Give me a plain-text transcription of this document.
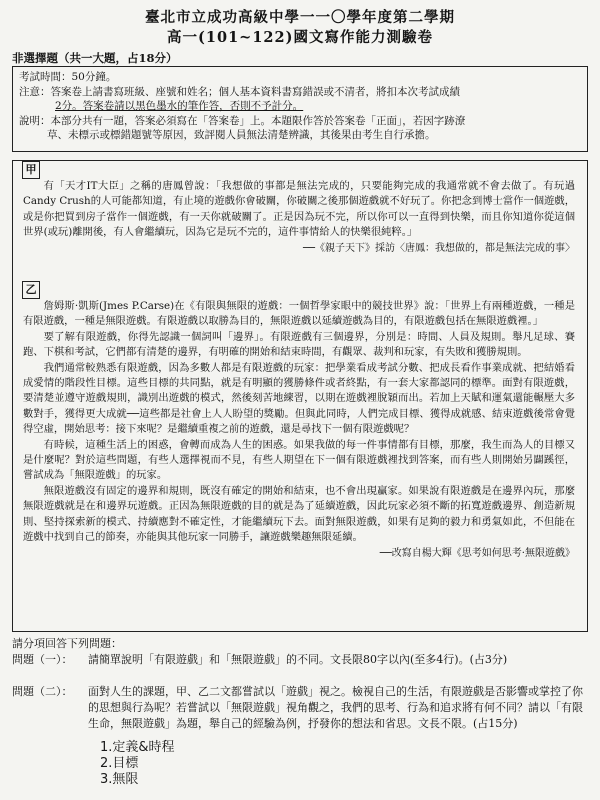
臺北市立成功高級中學一一〇學年度第二學期
高一(101~122)國文寫作能力測驗卷
非選擇題（共一大題，占18分）
考試時間：50分鐘。
注意：答案卷上請書寫班級、座號和姓名；個人基本資料書寫錯誤或不清者，將扣本次考試成績
2分。答案卷請以黑色墨水的筆作答，否則不予計分。
說明：本部分共有一題，答案必須寫在「答案卷」上。本題限作答於答案卷「正面」，若因字跡潦
草、未標示或標錯題號等原因，致評閱人員無法清楚辨識，其後果由考生自行承擔。
甲

有「天才IT大臣」之稱的唐鳳曾說：「我想做的事都是無法完成的，只要能夠完成的我通常就不會去做了。有玩過Candy Crush的人可能都知道，有止境的遊戲你會破關，你破關之後那個遊戲就不好玩了。你把念到博士當作一個遊戲，或是你把買到房子當作一個遊戲，有一天你就破關了。正是因為玩不完，所以你可以一直得到快樂，而且你知道你從這個世界(或玩)離開後，有人會繼續玩，因為它是玩不完的，這件事情給人的快樂很純粹。」

──《親子天下》採訪〈唐鳳：我想做的，都是無法完成的事〉
乙

詹姆斯·凱斯(Jmes P.Carse)在《有限與無限的遊戲：一個哲學家眼中的競技世界》說：「世界上有兩種遊戲，一種是有限遊戲，一種是無限遊戲。有限遊戲以取勝為目的，無限遊戲以延續遊戲為目的，有限遊戲包括在無限遊戲裡。」

要了解有限遊戲，你得先認識一個詞叫「邊界」。有限遊戲有三個邊界，分別是：時間、人員及規則。舉凡足球、賽跑、下棋和考試，它們都有清楚的邊界，有明確的開始和結束時間，有觀眾、裁判和玩家，有失敗和獲勝規則。

我們通常較熟悉有限遊戲，因為多數人都是有限遊戲的玩家：把學業看成考試分數、把成長看作事業成就、把結婚看成愛情的階段性目標。這些目標的共同點，就是有明顯的獲勝條件或者終點，有一套大家都認同的標準。面對有限遊戲，要清楚並遵守遊戲規則，識別出遊戲的模式，然後刻苦地練習，以期在遊戲裡脫穎而出。若加上天賦和運氣還能輾壓大多數對手，獲得更大成就──這些都是社會上人人盼望的獎勵。但與此同時，人們完成目標、獲得成就感、結束遊戲後常會覺得空虛，開始思考：接下來呢？是繼續重複之前的遊戲，還是尋找下一個有限遊戲呢？

有時候，這種生活上的困惑，會轉而成為人生的困惑。如果我做的每一件事情都有目標，那麼，我生而為人的目標又是什麼呢？對於這些問題，有些人選擇視而不見，有些人期望在下一個有限遊戲裡找到答案，而有些人則開始另闢蹊徑，嘗試成為「無限遊戲」的玩家。

無限遊戲沒有固定的邊界和規則，既沒有確定的開始和結束，也不會出現贏家。如果說有限遊戲是在邊界內玩，那麼無限遊戲就是在和邊界玩遊戲。正因為無限遊戲的目的就是為了延續遊戲，因此玩家必須不斷的拓寬遊戲邊界、創造新規則、堅持探索新的模式、持續應對不確定性，才能繼續玩下去。面對無限遊戲，如果有足夠的毅力和勇氣如此，不但能在遊戲中找到自己的節奏，亦能與其他玩家一同勝手，讓遊戲樂趣無限延續。

──改寫自楊大輝《思考如何思考·無限遊戲》
請分項回答下列問題：
問題（一）：	請簡單說明「有限遊戲」和「無限遊戲」的不同。文長限80字以內(至多4行)。(占3分)
問題（二）：	面對人生的課題，甲、乙二文都嘗試以「遊戲」視之。檢視自己的生活，有限遊戲是否影響或掌控了你的思想與行為呢？若嘗試以「無限遊戲」視角觀之，我們的思考、行為和追求將有何不同？請以「有限生命，無限遊戲」為題，舉自己的經驗為例，抒發你的想法和省思。文長不限。(占15分)
1.定義&時程
2.目標
3.無限
